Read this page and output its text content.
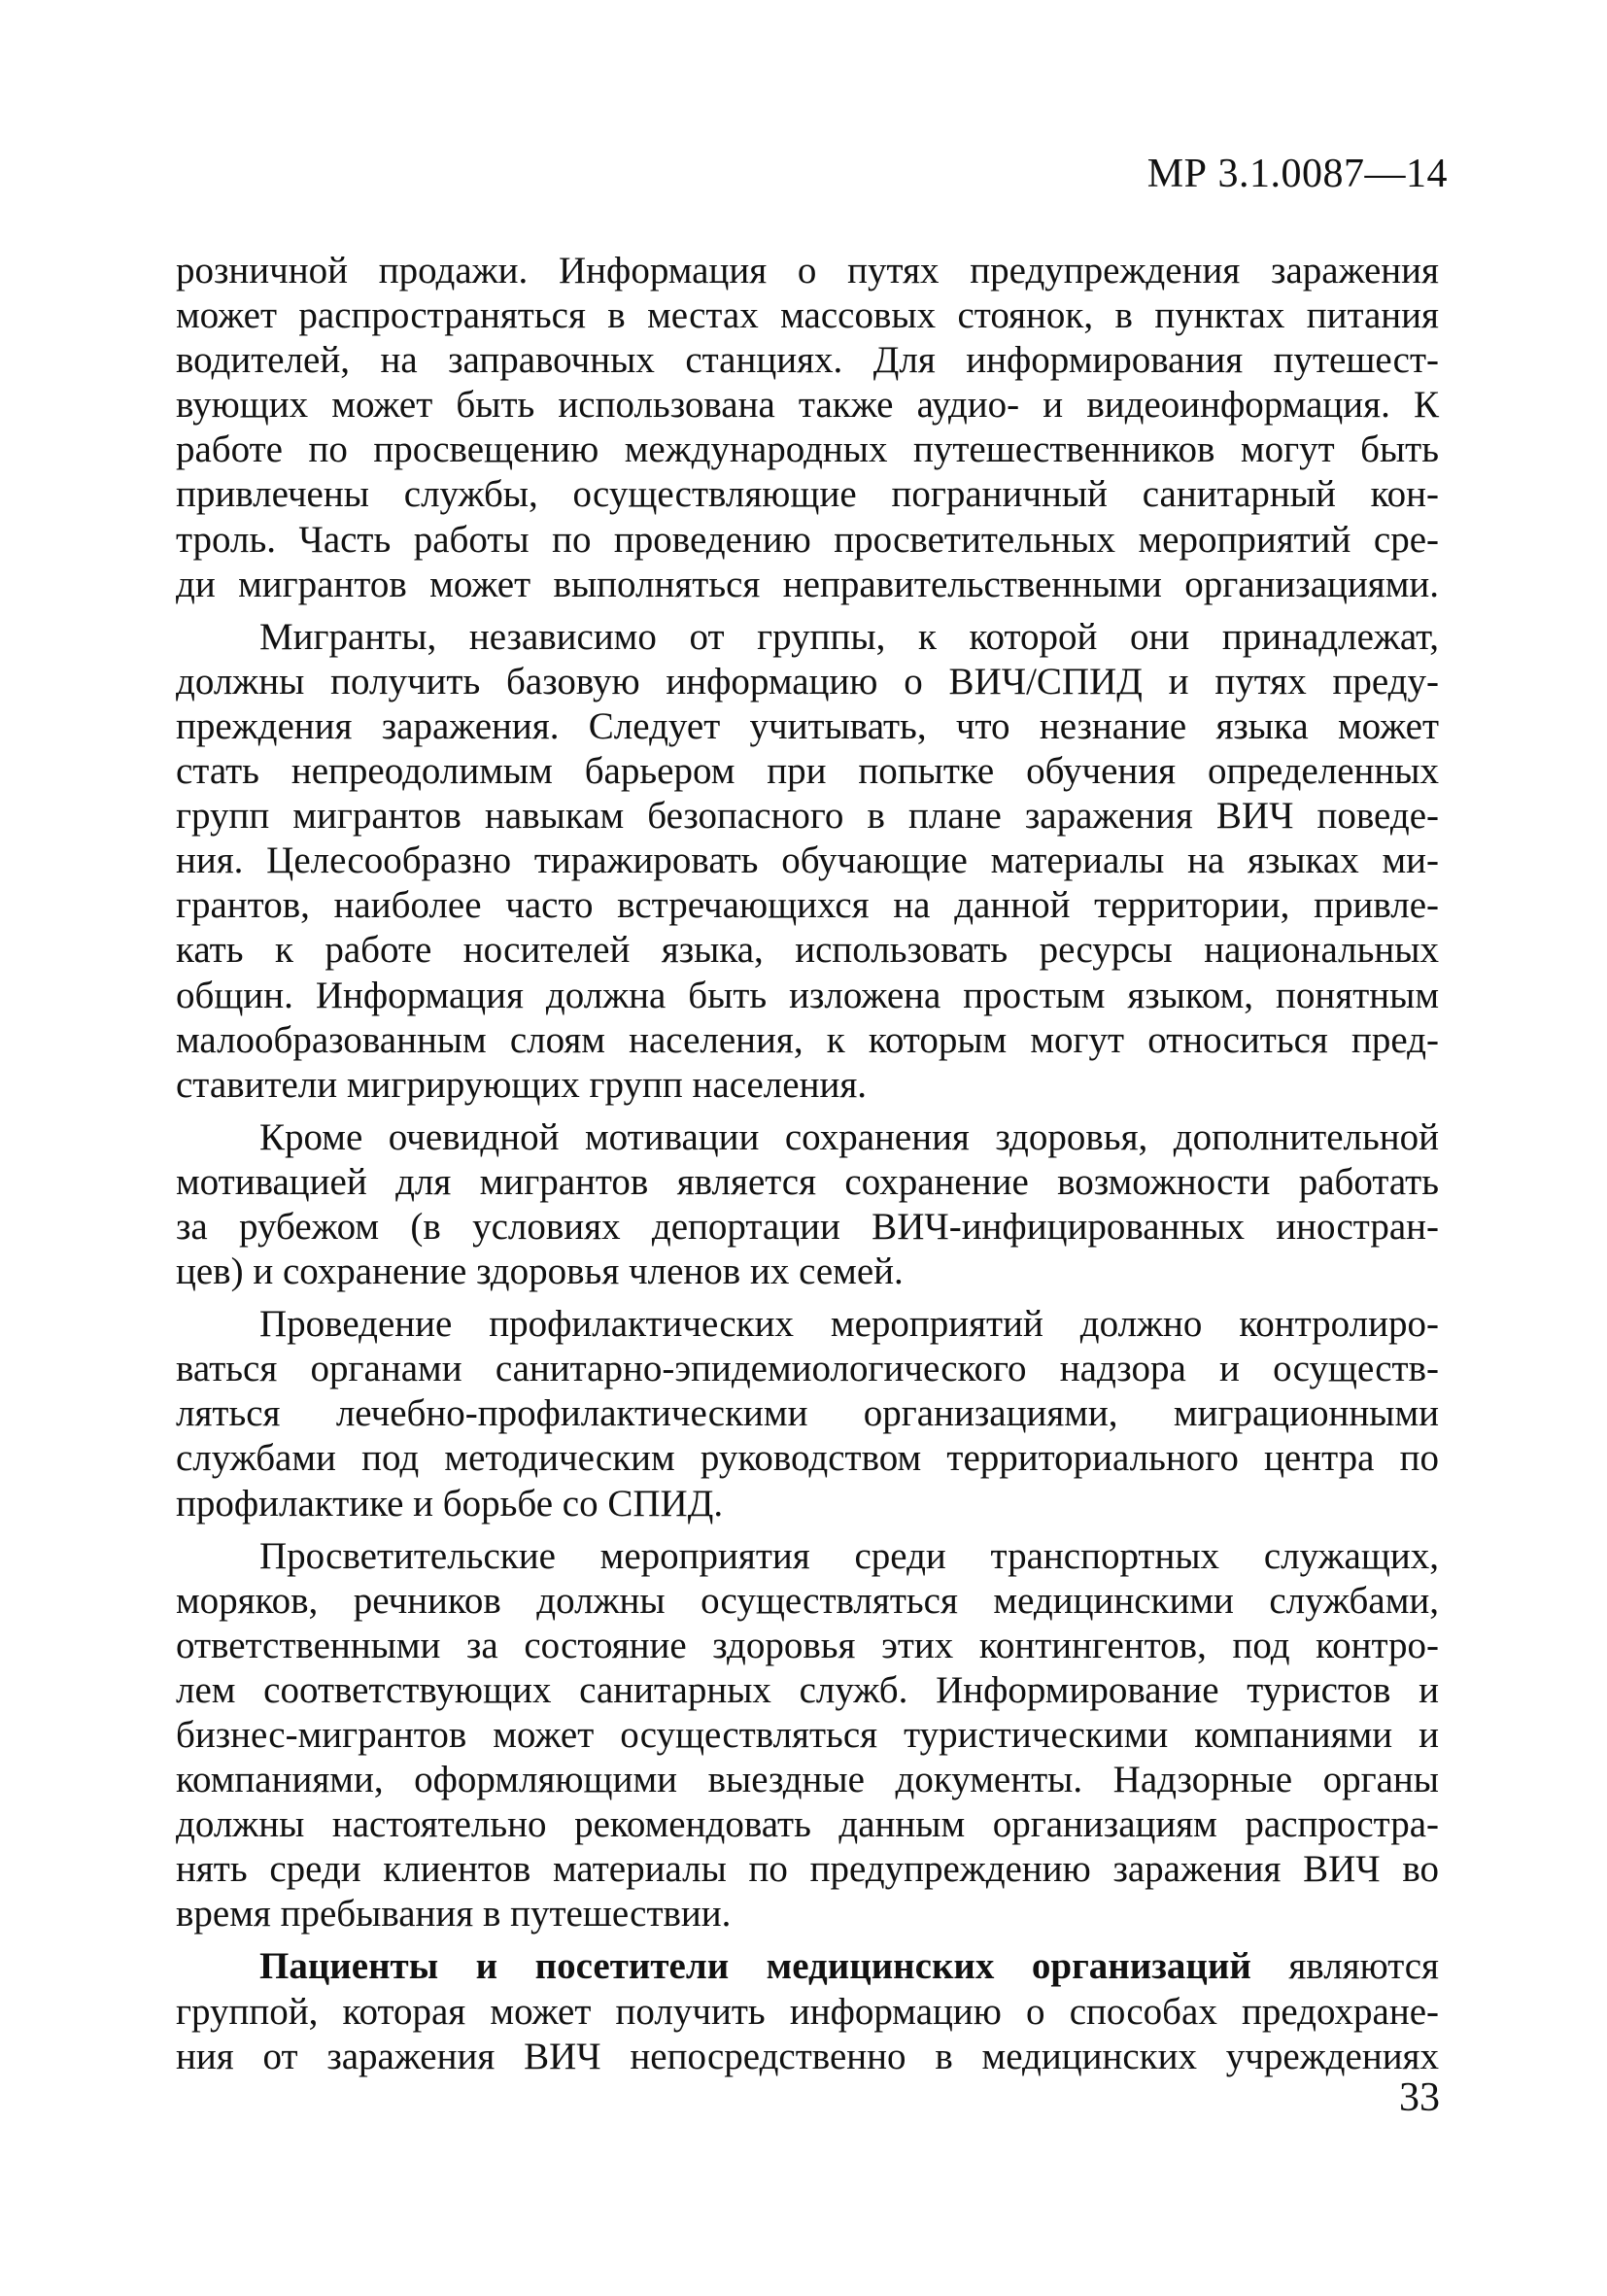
МР 3.1.0087—14

розничной продажи. Информация о путях предупреждения заражения
может распространяться в местах массовых стоянок, в пунктах питания
водителей, на заправочных станциях. Для информирования путешест-
вующих может быть использована также аудио- и видеоинформация. К
работе по просвещению международных путешественников могут быть
привлечены службы, осуществляющие пограничный санитарный кон-
троль. Часть работы по проведению просветительных мероприятий сре-
ди мигрантов может выполняться неправительственными организациями.

Мигранты, независимо от группы, к которой они принадлежат,
должны получить базовую информацию о ВИЧ/СПИД и путях преду-
преждения заражения. Следует учитывать, что незнание языка может
стать непреодолимым барьером при попытке обучения определенных
групп мигрантов навыкам безопасного в плане заражения ВИЧ поведе-
ния. Целесообразно тиражировать обучающие материалы на языках ми-
грантов, наиболее часто встречающихся на данной территории, привле-
кать к работе носителей языка, использовать ресурсы национальных
общин. Информация должна быть изложена простым языком, понятным
малообразованным слоям населения, к которым могут относиться пред-
ставители мигрирующих групп населения.

Кроме очевидной мотивации сохранения здоровья, дополнительной
мотивацией для мигрантов является сохранение возможности работать
за рубежом (в условиях депортации ВИЧ-инфицированных иностран-
цев) и сохранение здоровья членов их семей.

Проведение профилактических мероприятий должно контролиро-
ваться органами санитарно-эпидемиологического надзора и осуществ-
ляться лечебно-профилактическими организациями, миграционными
службами под методическим руководством территориального центра по
профилактике и борьбе со СПИД.

Просветительские мероприятия среди транспортных служащих,
моряков, речников должны осуществляться медицинскими службами,
ответственными за состояние здоровья этих контингентов, под контро-
лем соответствующих санитарных служб. Информирование туристов и
бизнес-мигрантов может осуществляться туристическими компаниями и
компаниями, оформляющими выездные документы. Надзорные органы
должны настоятельно рекомендовать данным организациям распростра-
нять среди клиентов материалы по предупреждению заражения ВИЧ во
время пребывания в путешествии.

Пациенты и посетители медицинских организаций являются
группой, которая может получить информацию о способах предохране-
ния от заражения ВИЧ непосредственно в медицинских учреждениях

33
